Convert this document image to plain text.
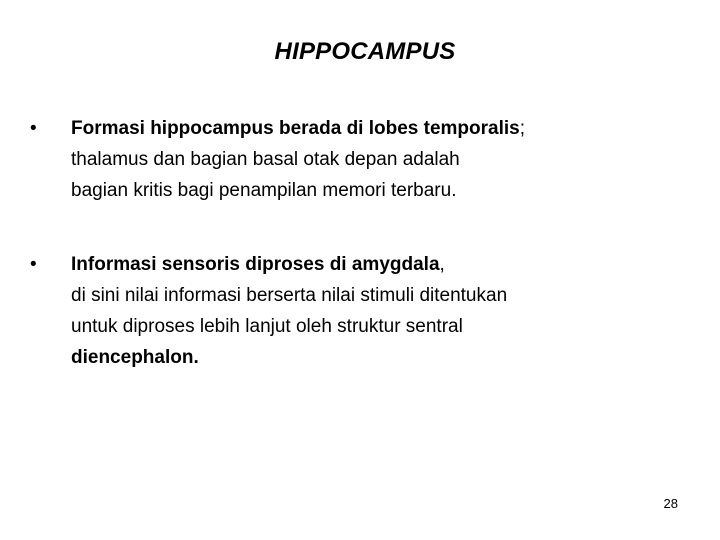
HIPPOCAMPUS
•	Formasi hippocampus berada di lobes temporalis;
thalamus dan bagian basal otak depan adalah
bagian kritis bagi penampilan memori terbaru.
•	Informasi sensoris diproses di amygdala,
di sini nilai informasi berserta nilai stimuli ditentukan
untuk diproses lebih lanjut oleh struktur sentral
diencephalon.
28
